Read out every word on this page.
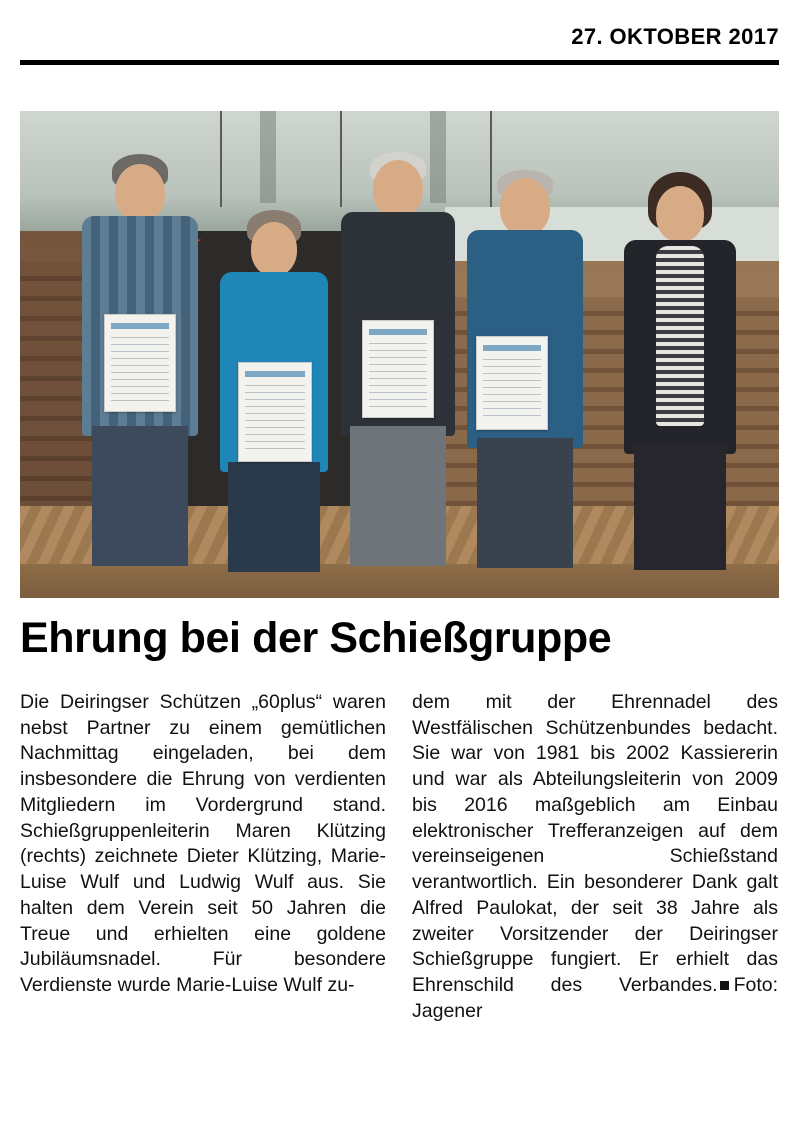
27. OKTOBER 2017
Ehrung bei der Schießgruppe

Die Deiringser Schützen „60plus“ waren nebst Partner zu einem gemütlichen Nachmittag eingeladen, bei dem insbesondere die Ehrung von verdienten Mitgliedern im Vordergrund stand. Schießgruppenleiterin Maren Klützing (rechts) zeichnete Dieter Klützing, Marie-Luise Wulf und Ludwig Wulf aus. Sie halten dem Verein seit 50 Jahren die Treue und erhielten eine goldene Jubiläumsnadel. Für besondere Verdienste wurde Marie-Luise Wulf zu-

dem mit der Ehrennadel des Westfälischen Schützenbundes bedacht. Sie war von 1981 bis 2002 Kassiererin und war als Abteilungsleiterin von 2009 bis 2016 maßgeblich am Einbau elektronischer Trefferanzeigen auf dem vereinseigenen Schießstand verantwortlich. Ein besonderer Dank galt Alfred Paulokat, der seit 38 Jahre als zweiter Vorsitzender der Deiringser Schießgruppe fungiert. Er erhielt das Ehrenschild des Verbandes. Foto: Jagener
